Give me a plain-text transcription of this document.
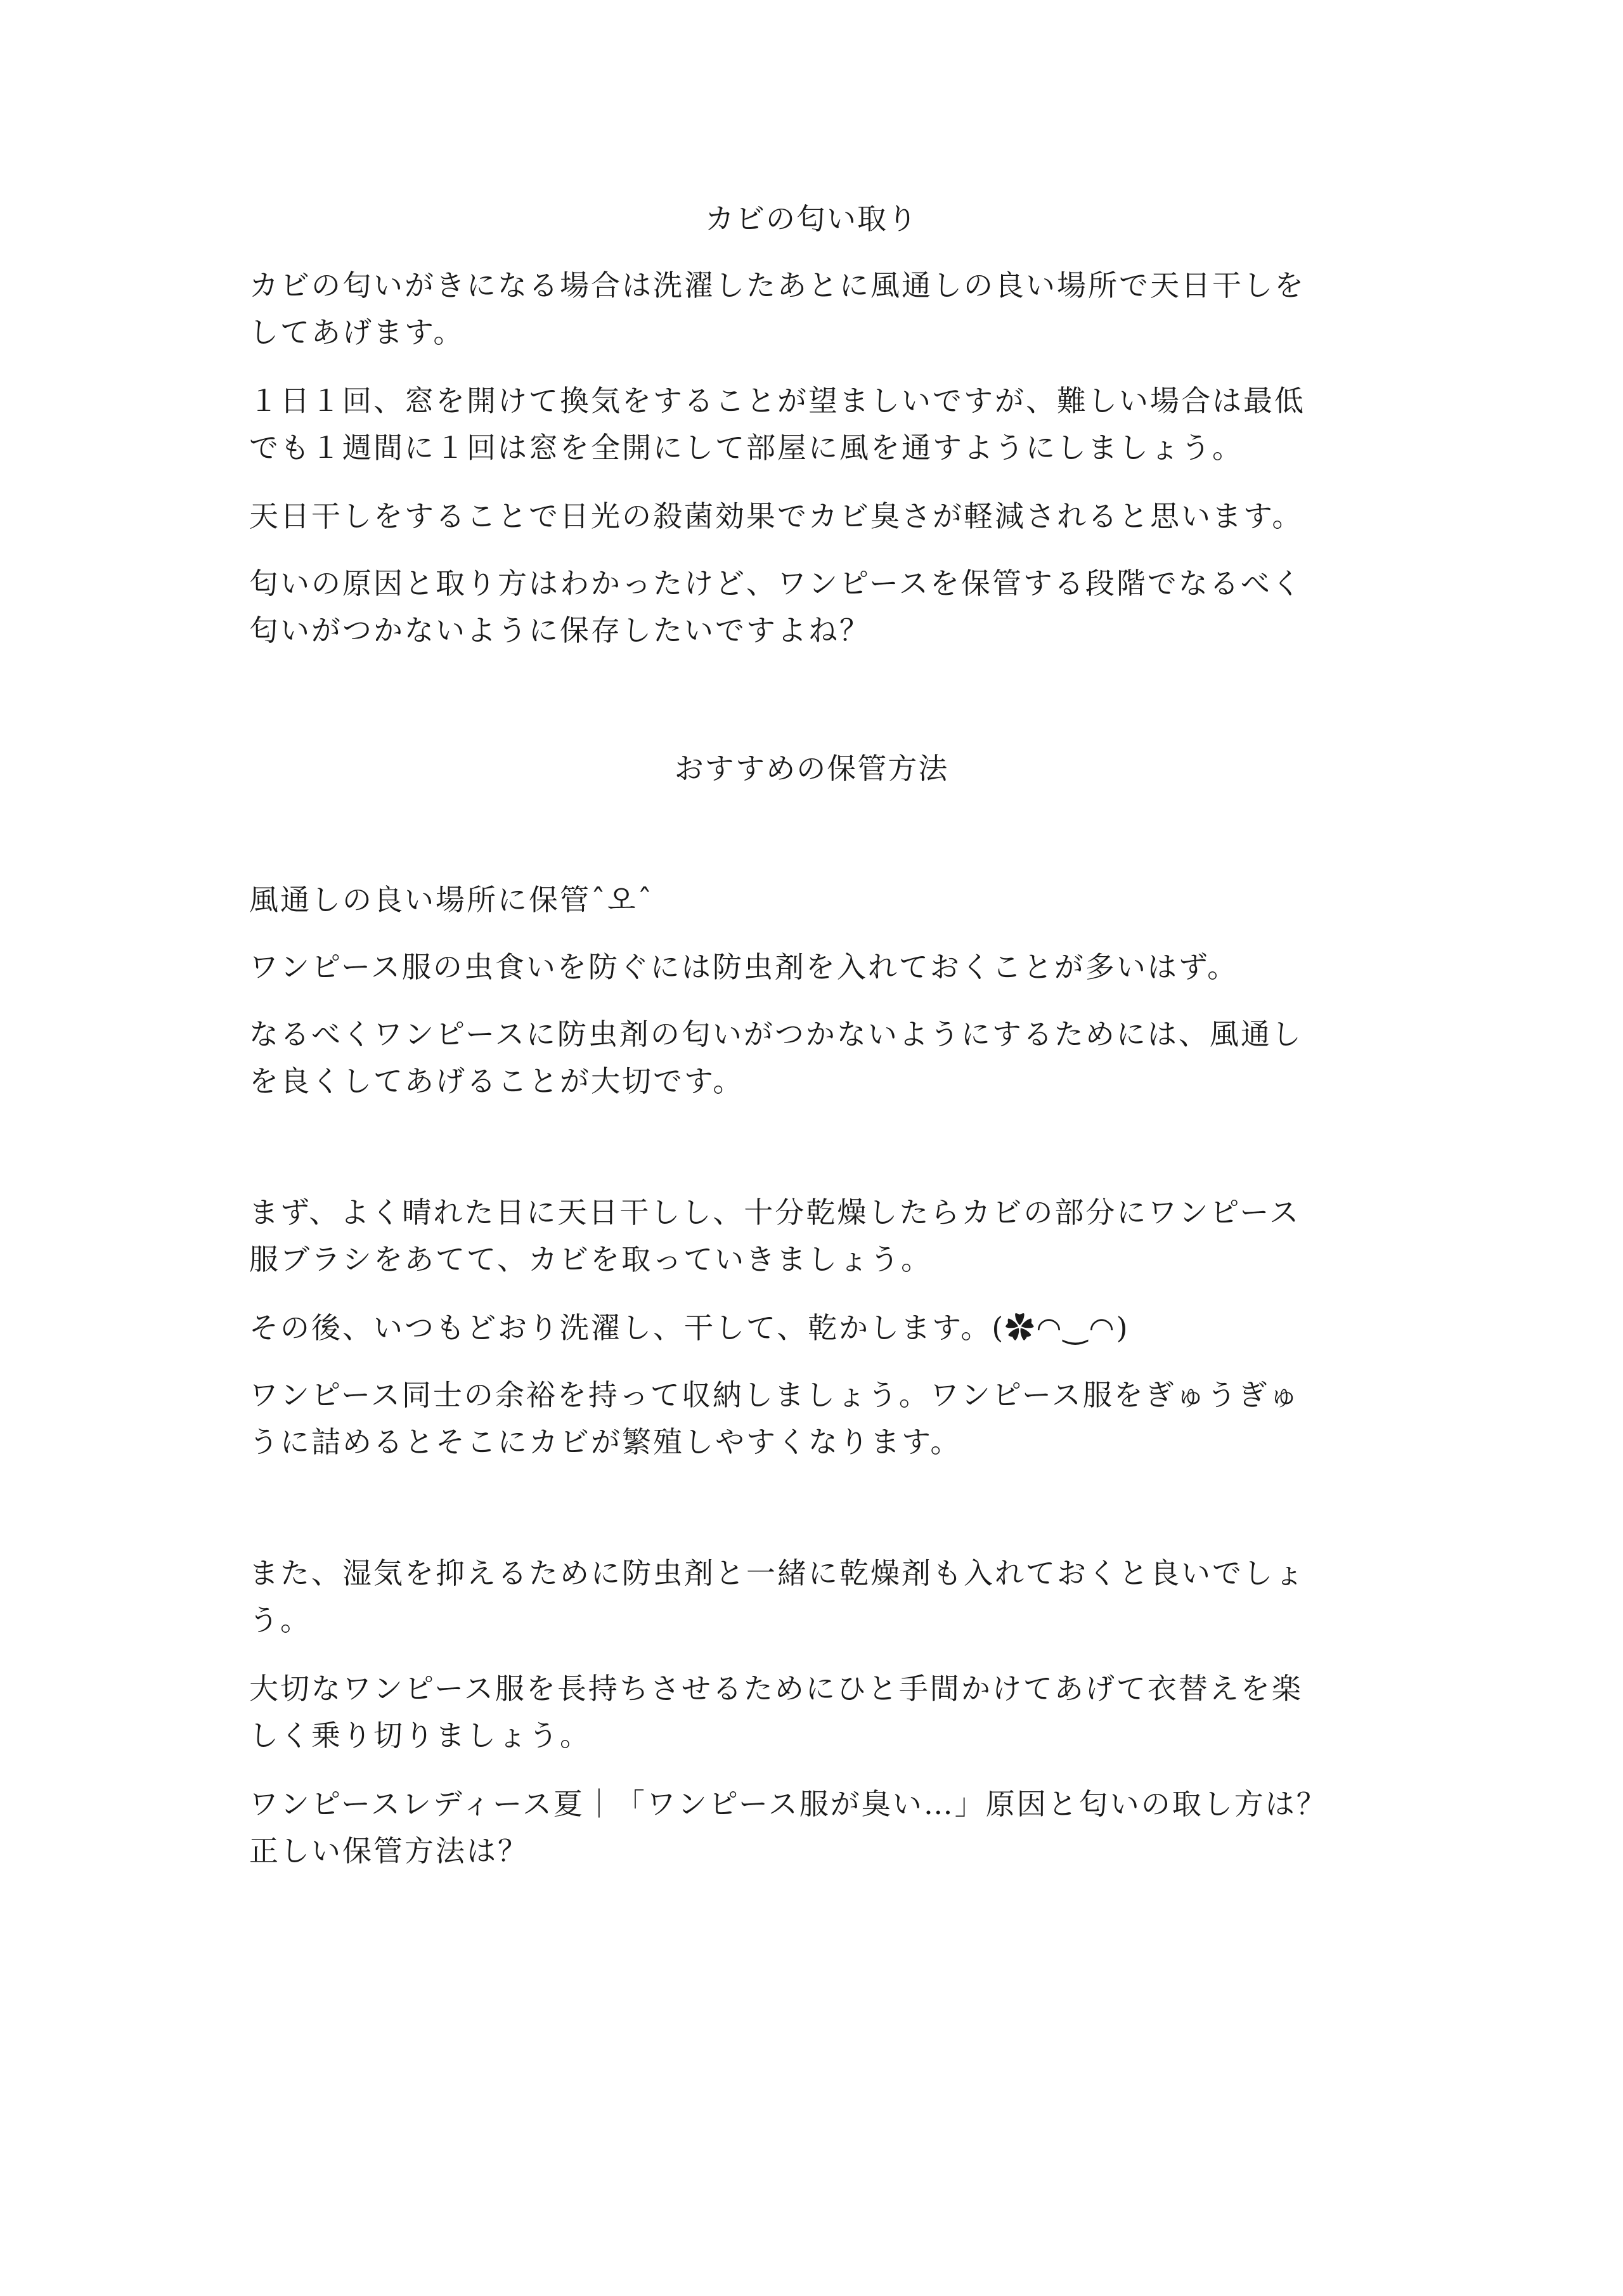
カビの匂い取り
カビの匂いがきになる場合は洗濯したあとに風通しの良い場所で天日干しを
してあげます。
１日１回、窓を開けて換気をすることが望ましいですが、難しい場合は最低
でも１週間に１回は窓を全開にして部屋に風を通すようにしましょう。
天日干しをすることで日光の殺菌効果でカビ臭さが軽減されると思います。
匂いの原因と取り方はわかったけど、ワンピースを保管する段階でなるべく
匂いがつかないように保存したいですよね？
おすすめの保管方法
風通しの良い場所に保管ˆ오ˆ
ワンピース服の虫食いを防ぐには防虫剤を入れておくことが多いはず。
なるべくワンピースに防虫剤の匂いがつかないようにするためには、風通し
を良くしてあげることが大切です。
まず、よく晴れた日に天日干しし、十分乾燥したらカビの部分にワンピース
服ブラシをあてて、カビを取っていきましょう。
その後、いつもどおり洗濯し、干して、乾かします。(✿◠‿◠)
ワンピース同士の余裕を持って収納しましょう。ワンピース服をぎゅうぎゅ
うに詰めるとそこにカビが繁殖しやすくなります。
また、湿気を抑えるために防虫剤と一緒に乾燥剤も入れておくと良いでしょ
う。
大切なワンピース服を長持ちさせるためにひと手間かけてあげて衣替えを楽
しく乗り切りましょう。
ワンピースレディース夏｜「ワンピース服が臭い…」原因と匂いの取し方は？
正しい保管方法は？
